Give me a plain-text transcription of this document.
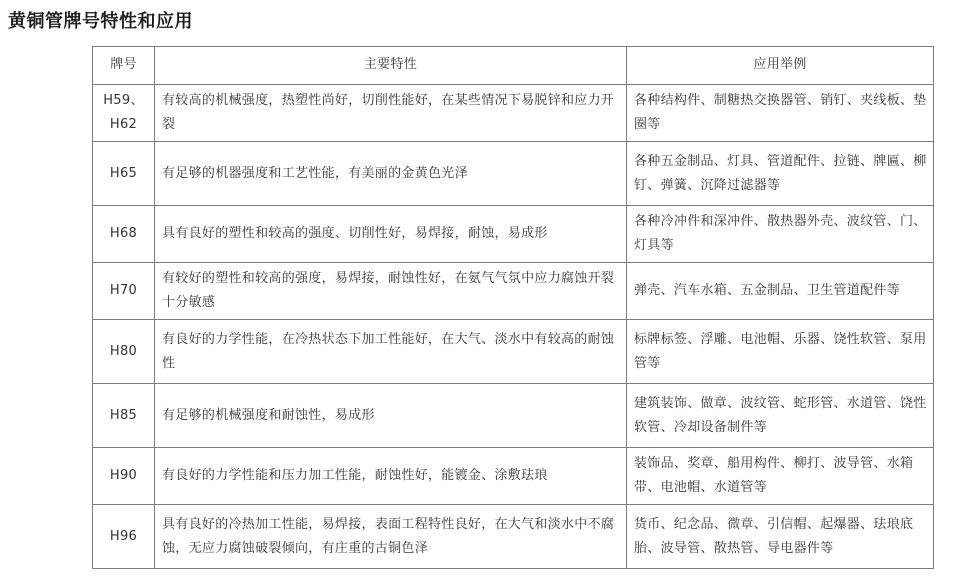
黄铜管牌号特性和应用
牌号	主要特性	应用举例
H59、H62	有较高的机械强度，热塑性尚好，切削性能好，在某些情况下易脱锌和应力开裂	各种结构件、制糖热交换器管、销钉、夹线板、垫圈等
H65	有足够的机器强度和工艺性能，有美丽的金黄色光泽	各种五金制品、灯具、管道配件、拉链、牌匾、柳钉、弹簧、沉降过滤器等
H68	具有良好的塑性和较高的强度、切削性好，易焊接，耐蚀，易成形	各种冷冲件和深冲件、散热器外壳、波纹管、门、灯具等
H70	有较好的塑性和较高的强度，易焊接，耐蚀性好，在氨气气氛中应力腐蚀开裂十分敏感	弹壳、汽车水箱、五金制品、卫生管道配件等
H80	有良好的力学性能，在冷热状态下加工性能好，在大气、淡水中有较高的耐蚀性	标牌标签、浮雕、电池帽、乐器、饶性软管、泵用管等
H85	有足够的机械强度和耐蚀性，易成形	建筑装饰、做章、波纹管、蛇形管、水道管、饶性软管、冷却设备制件等
H90	有良好的力学性能和压力加工性能，耐蚀性好，能镀金、涂敷珐琅	装饰品、奖章、船用构件、柳打、波导管、水箱带、电池帽、水道管等
H96	具有良好的冷热加工性能，易焊接，表面工程特性良好，在大气和淡水中不腐蚀，无应力腐蚀破裂倾向，有庄重的古铜色泽	货币、纪念品、微章、引信帽、起爆器、珐琅底胎、波导管、散热管、导电器件等
